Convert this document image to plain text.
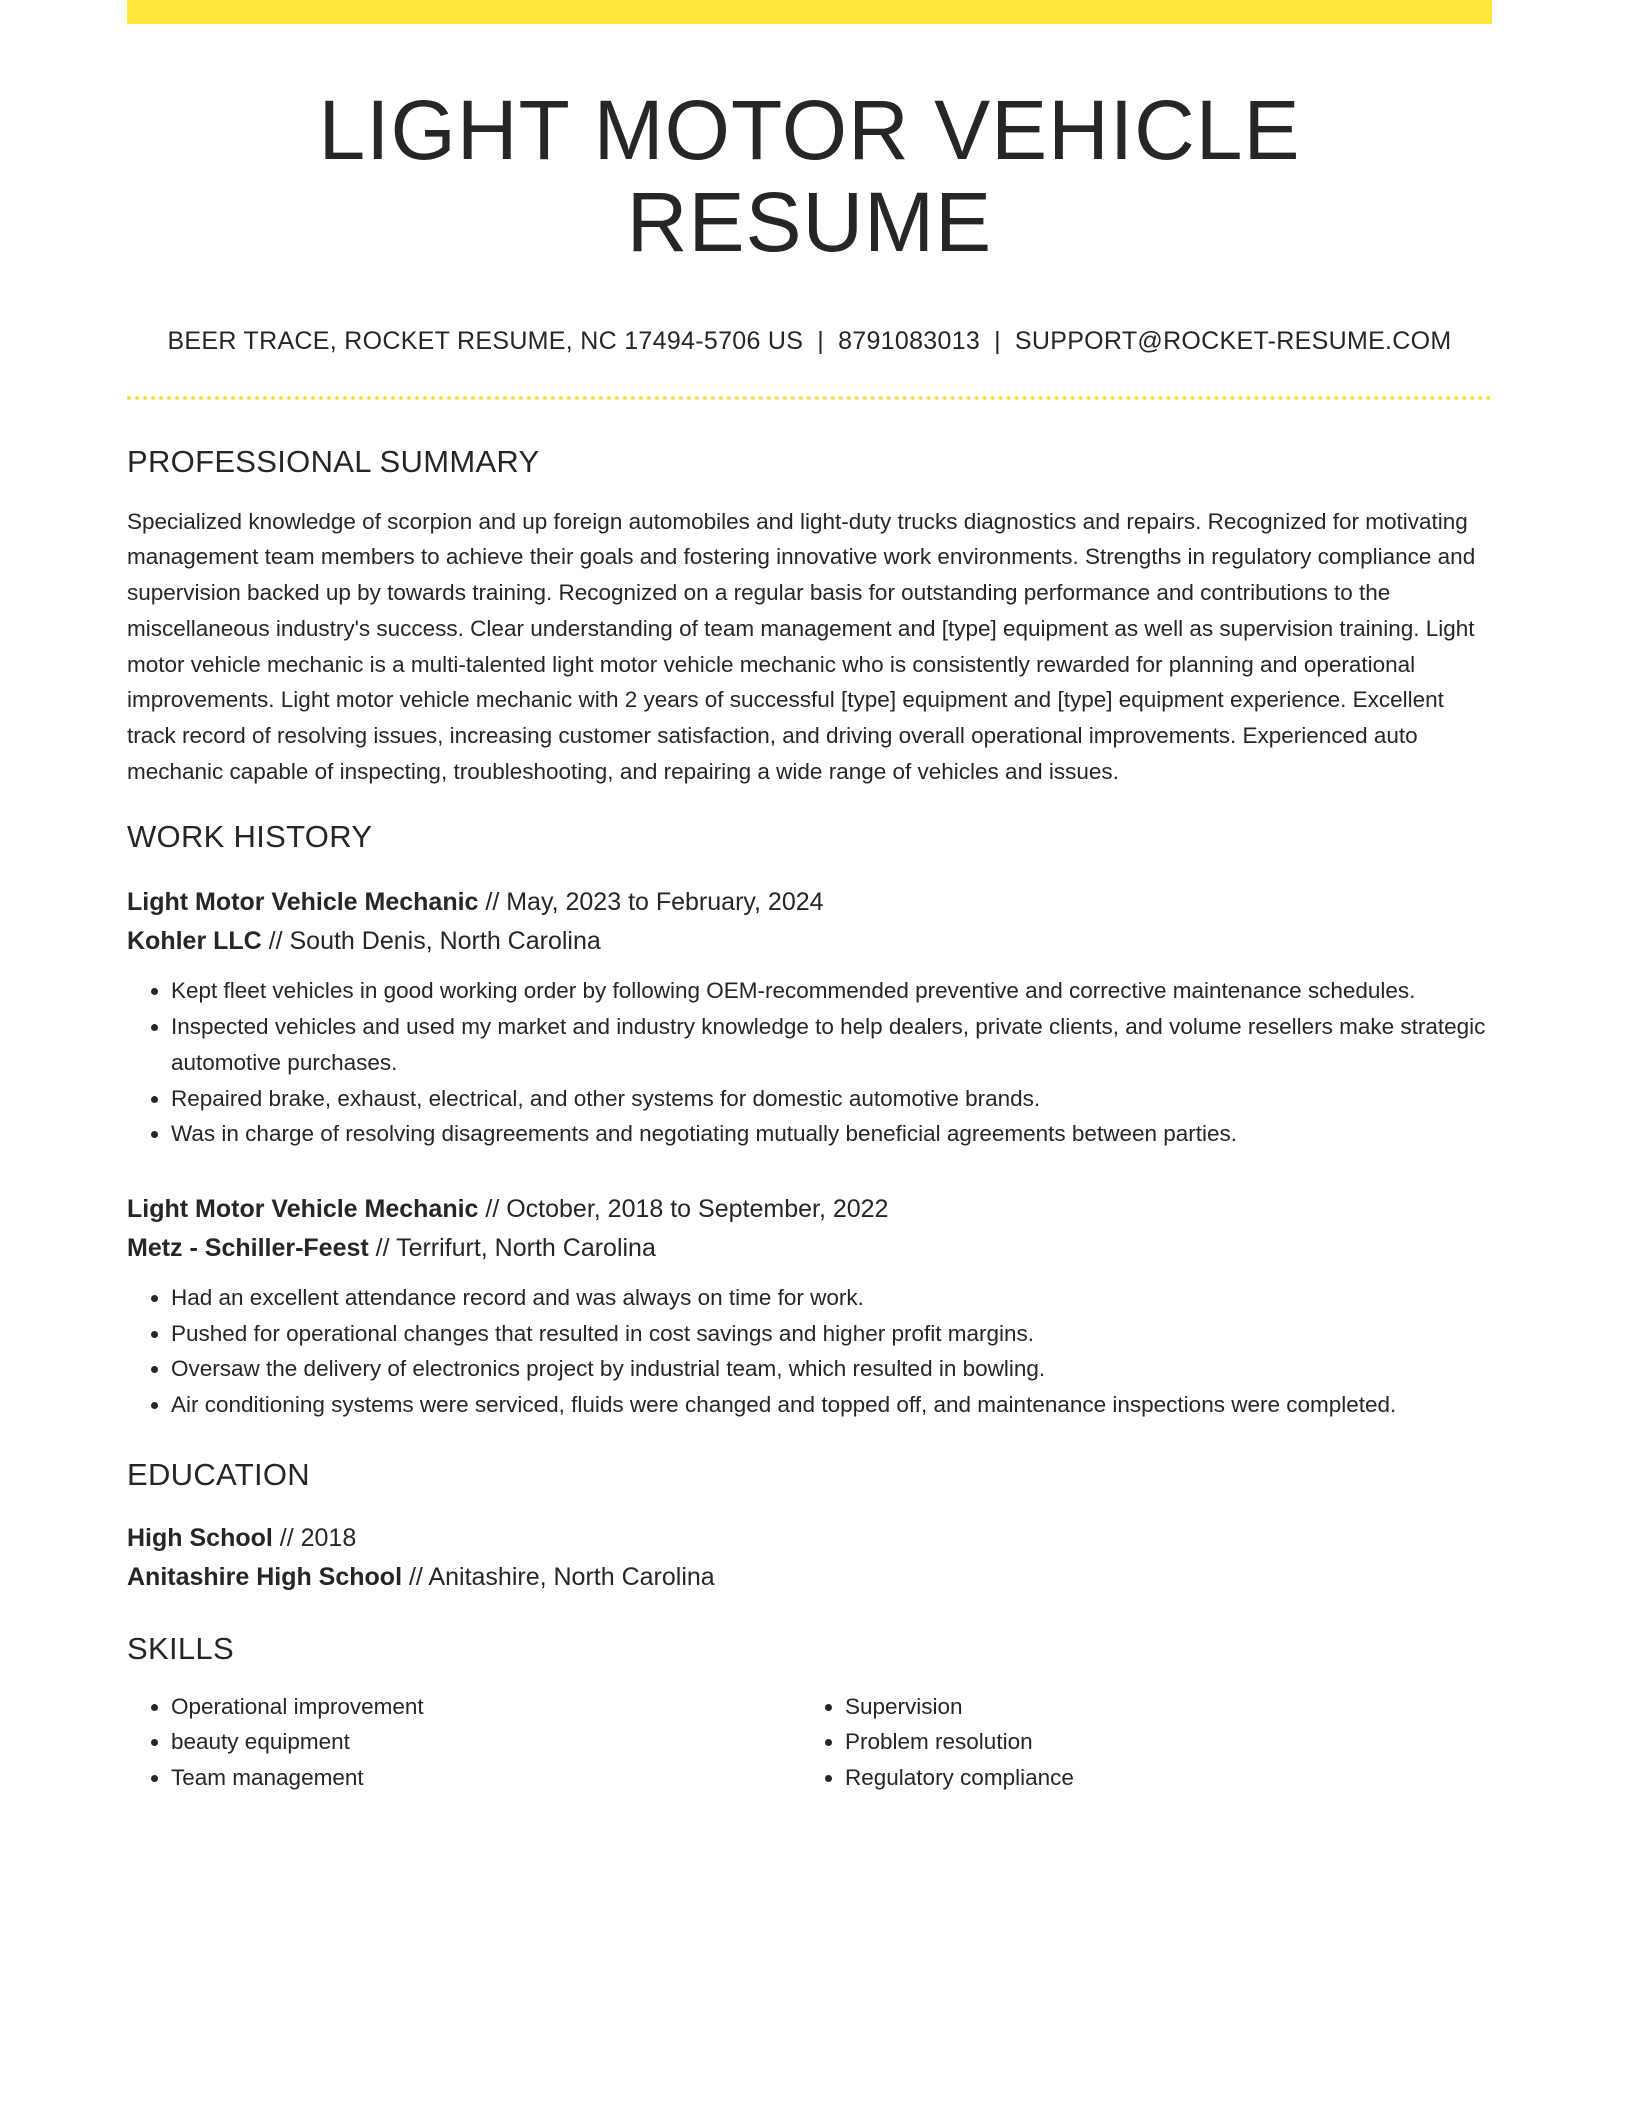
LIGHT MOTOR VEHICLE RESUME
BEER TRACE, ROCKET RESUME, NC 17494-5706 US | 8791083013 | SUPPORT@ROCKET-RESUME.COM
PROFESSIONAL SUMMARY

Specialized knowledge of scorpion and up foreign automobiles and light-duty trucks diagnostics and repairs. Recognized for motivating management team members to achieve their goals and fostering innovative work environments. Strengths in regulatory compliance and supervision backed up by towards training. Recognized on a regular basis for outstanding performance and contributions to the miscellaneous industry's success. Clear understanding of team management and [type] equipment as well as supervision training. Light motor vehicle mechanic is a multi-talented light motor vehicle mechanic who is consistently rewarded for planning and operational improvements. Light motor vehicle mechanic with 2 years of successful [type] equipment and [type] equipment experience. Excellent track record of resolving issues, increasing customer satisfaction, and driving overall operational improvements. Experienced auto mechanic capable of inspecting, troubleshooting, and repairing a wide range of vehicles and issues.

WORK HISTORY
Light Motor Vehicle Mechanic // May, 2023 to February, 2024
Kohler LLC // South Denis, North Carolina
• Kept fleet vehicles in good working order by following OEM-recommended preventive and corrective maintenance schedules.
• Inspected vehicles and used my market and industry knowledge to help dealers, private clients, and volume resellers make strategic automotive purchases.
• Repaired brake, exhaust, electrical, and other systems for domestic automotive brands.
• Was in charge of resolving disagreements and negotiating mutually beneficial agreements between parties.
Light Motor Vehicle Mechanic // October, 2018 to September, 2022
Metz - Schiller-Feest // Terrifurt, North Carolina
• Had an excellent attendance record and was always on time for work.
• Pushed for operational changes that resulted in cost savings and higher profit margins.
• Oversaw the delivery of electronics project by industrial team, which resulted in bowling.
• Air conditioning systems were serviced, fluids were changed and topped off, and maintenance inspections were completed.
EDUCATION
High School // 2018
Anitashire High School // Anitashire, North Carolina
SKILLS
• Operational improvement
• beauty equipment
• Team management
• Supervision
• Problem resolution
• Regulatory compliance
